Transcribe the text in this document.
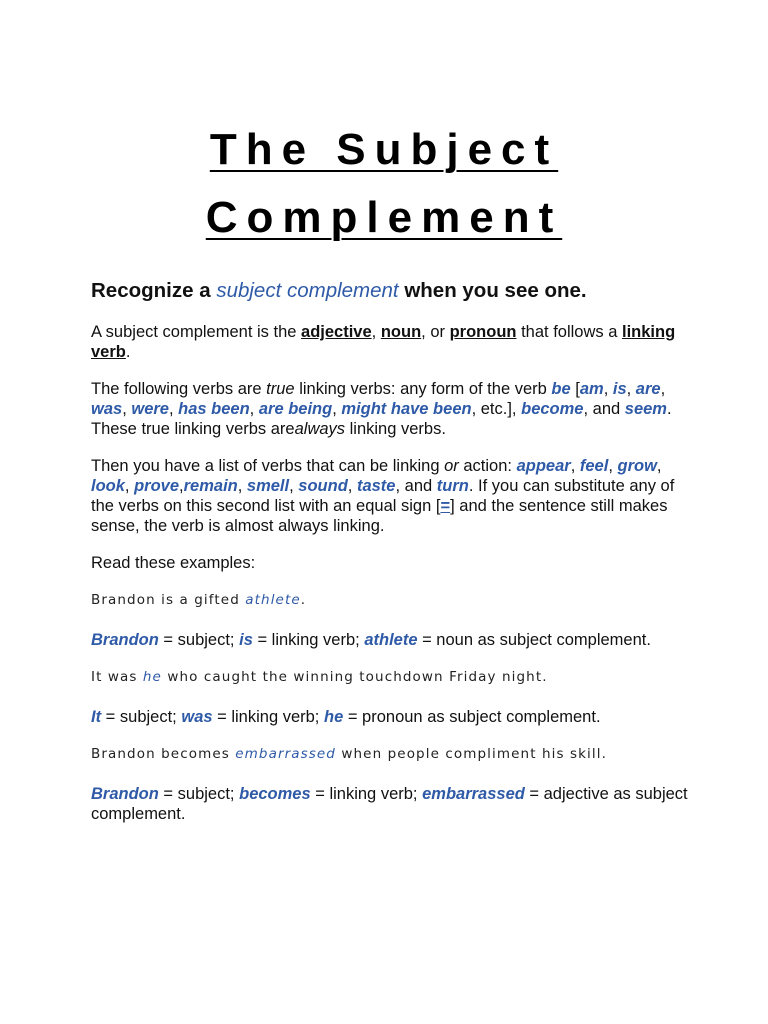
The Subject
Complement
Recognize a subject complement when you see one.

A subject complement is the adjective, noun, or pronoun that follows a linking verb.

The following verbs are true linking verbs: any form of the verb be [am, is, are, was, were, has been, are being, might have been, etc.], become, and seem. These true linking verbs arealways linking verbs.

Then you have a list of verbs that can be linking or action: appear, feel, grow, look, prove,remain, smell, sound, taste, and turn. If you can substitute any of the verbs on this second list with an equal sign [=] and the sentence still makes sense, the verb is almost always linking.

Read these examples:

Brandon is a gifted athlete.

Brandon = subject; is = linking verb; athlete = noun as subject complement.

It was he who caught the winning touchdown Friday night.

It = subject; was = linking verb; he = pronoun as subject complement.

Brandon becomes embarrassed when people compliment his skill.

Brandon = subject; becomes = linking verb; embarrassed = adjective as subject complement.
